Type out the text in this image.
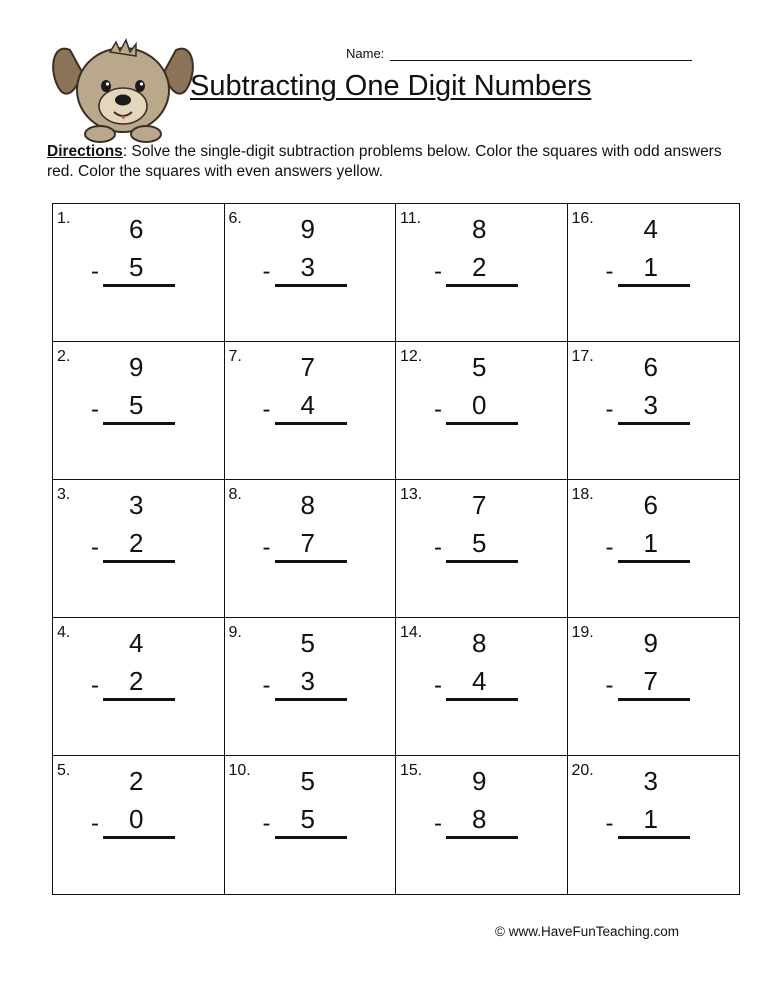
Name:
Subtracting One Digit Numbers
Directions: Solve the single-digit subtraction problems below. Color the squares with odd answers red. Color the squares with even answers yellow.
1. 6
- 5
6. 9
- 3
11. 8
- 2
16. 4
- 1
2. 9
- 5
7. 7
- 4
12. 5
- 0
17. 6
- 3
3. 3
- 2
8. 8
- 7
13. 7
- 5
18. 6
- 1
4. 4
- 2
9. 5
- 3
14. 8
- 4
19. 9
- 7
5. 2
- 0
10. 5
- 5
15. 9
- 8
20. 3
- 1
© www.HaveFunTeaching.com
